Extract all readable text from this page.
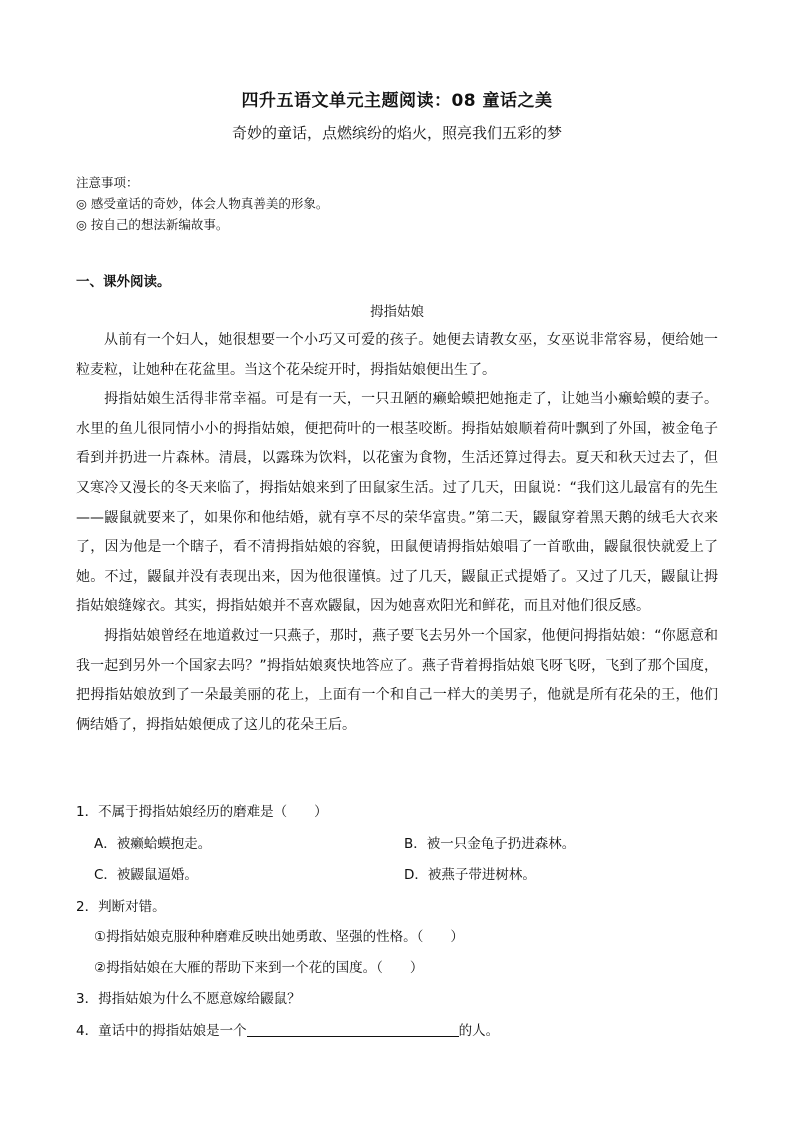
四升五语文单元主题阅读：08 童话之美
奇妙的童话，点燃缤纷的焰火，照亮我们五彩的梦
注意事项：
◎ 感受童话的奇妙，体会人物真善美的形象。
◎ 按自己的想法新编故事。
一、课外阅读。
拇指姑娘

从前有一个妇人，她很想要一个小巧又可爱的孩子。她便去请教女巫，女巫说非常容易，便给她一粒麦粒，让她种在花盆里。当这个花朵绽开时，拇指姑娘便出生了。

拇指姑娘生活得非常幸福。可是有一天，一只丑陋的癞蛤蟆把她拖走了，让她当小癞蛤蟆的妻子。水里的鱼儿很同情小小的拇指姑娘，便把荷叶的一根茎咬断。拇指姑娘顺着荷叶飘到了外国，被金龟子看到并扔进一片森林。清晨，以露珠为饮料，以花蜜为食物，生活还算过得去。夏天和秋天过去了，但又寒冷又漫长的冬天来临了，拇指姑娘来到了田鼠家生活。过了几天，田鼠说：“我们这儿最富有的先生——鼹鼠就要来了，如果你和他结婚，就有享不尽的荣华富贵。”第二天，鼹鼠穿着黑天鹅的绒毛大衣来了，因为他是一个瞎子，看不清拇指姑娘的容貌，田鼠便请拇指姑娘唱了一首歌曲，鼹鼠很快就爱上了她。不过，鼹鼠并没有表现出来，因为他很谨慎。过了几天，鼹鼠正式提婚了。又过了几天，鼹鼠让拇指姑娘缝嫁衣。其实，拇指姑娘并不喜欢鼹鼠，因为她喜欢阳光和鲜花，而且对他们很反感。

拇指姑娘曾经在地道救过一只燕子，那时，燕子要飞去另外一个国家，他便问拇指姑娘：“你愿意和我一起到另外一个国家去吗？”拇指姑娘爽快地答应了。燕子背着拇指姑娘飞呀飞呀，飞到了那个国度，把拇指姑娘放到了一朵最美丽的花上，上面有一个和自己一样大的美男子，他就是所有花朵的王，他们俩结婚了，拇指姑娘便成了这儿的花朵王后。

1．不属于拇指姑娘经历的磨难是（　　）
A．被癞蛤蟆抱走。	B．被一只金龟子扔进森林。
C．被鼹鼠逼婚。	D．被燕子带进树林。
2．判断对错。
①拇指姑娘克服种种磨难反映出她勇敢、坚强的性格。（　　）
②拇指姑娘在大雁的帮助下来到一个花的国度。（　　）
3．拇指姑娘为什么不愿意嫁给鼹鼠？
4．童话中的拇指姑娘是一个	的人。
